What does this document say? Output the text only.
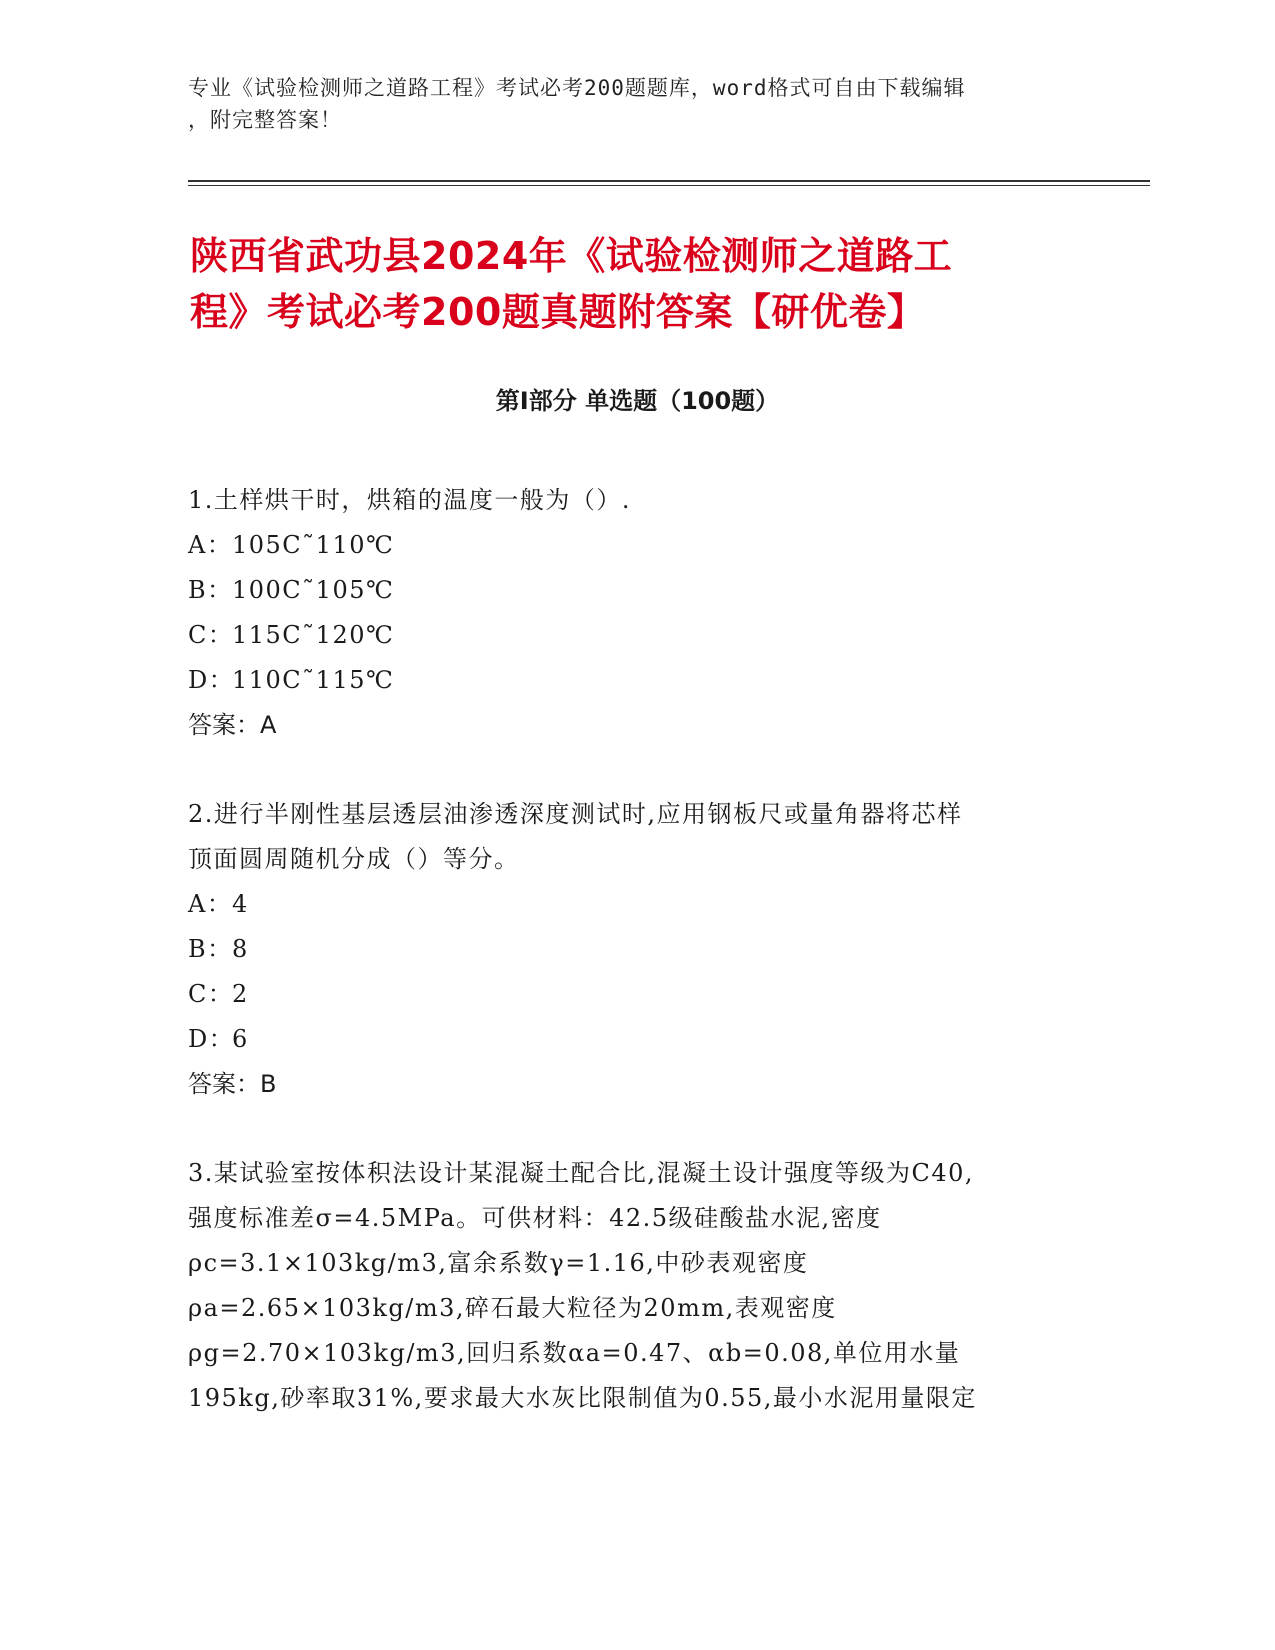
专业《试验检测师之道路工程》考试必考200题题库，word格式可自由下载编辑
，附完整答案！
陕西省武功县2024年《试验检测师之道路工
程》考试必考200题真题附答案【研优卷】
第I部分 单选题（100题）

1.土样烘干时，烘箱的温度一般为（）.

A： 105C˜110℃

B： 100C˜105℃

C：
115C˜120℃

D：
110C˜115℃

答案：A

2.进行半刚性基层透层油渗透深度测试时,应用钢板尺或量角器将芯样

顶面圆周随机分成（）等分。

A： 4

B： 8

C：
2

D：
6

答案：B

3.某试验室按体积法设计某混凝土配合比,混凝土设计强度等级为C40,

强度标准差σ=4.5MPa。可供材料：42.5级硅酸盐水泥,密度

ρc=3.1×103kg/m3,富余系数γ=1.16,中砂表观密度

ρa=2.65×103kg/m3,碎石最大粒径为20mm,表观密度

ρg=2.70×103kg/m3,回归系数αa=0.47、αb=0.08,单位用水量

195kg,砂率取31%,要求最大水灰比限制值为0.55,最小水泥用量限定
